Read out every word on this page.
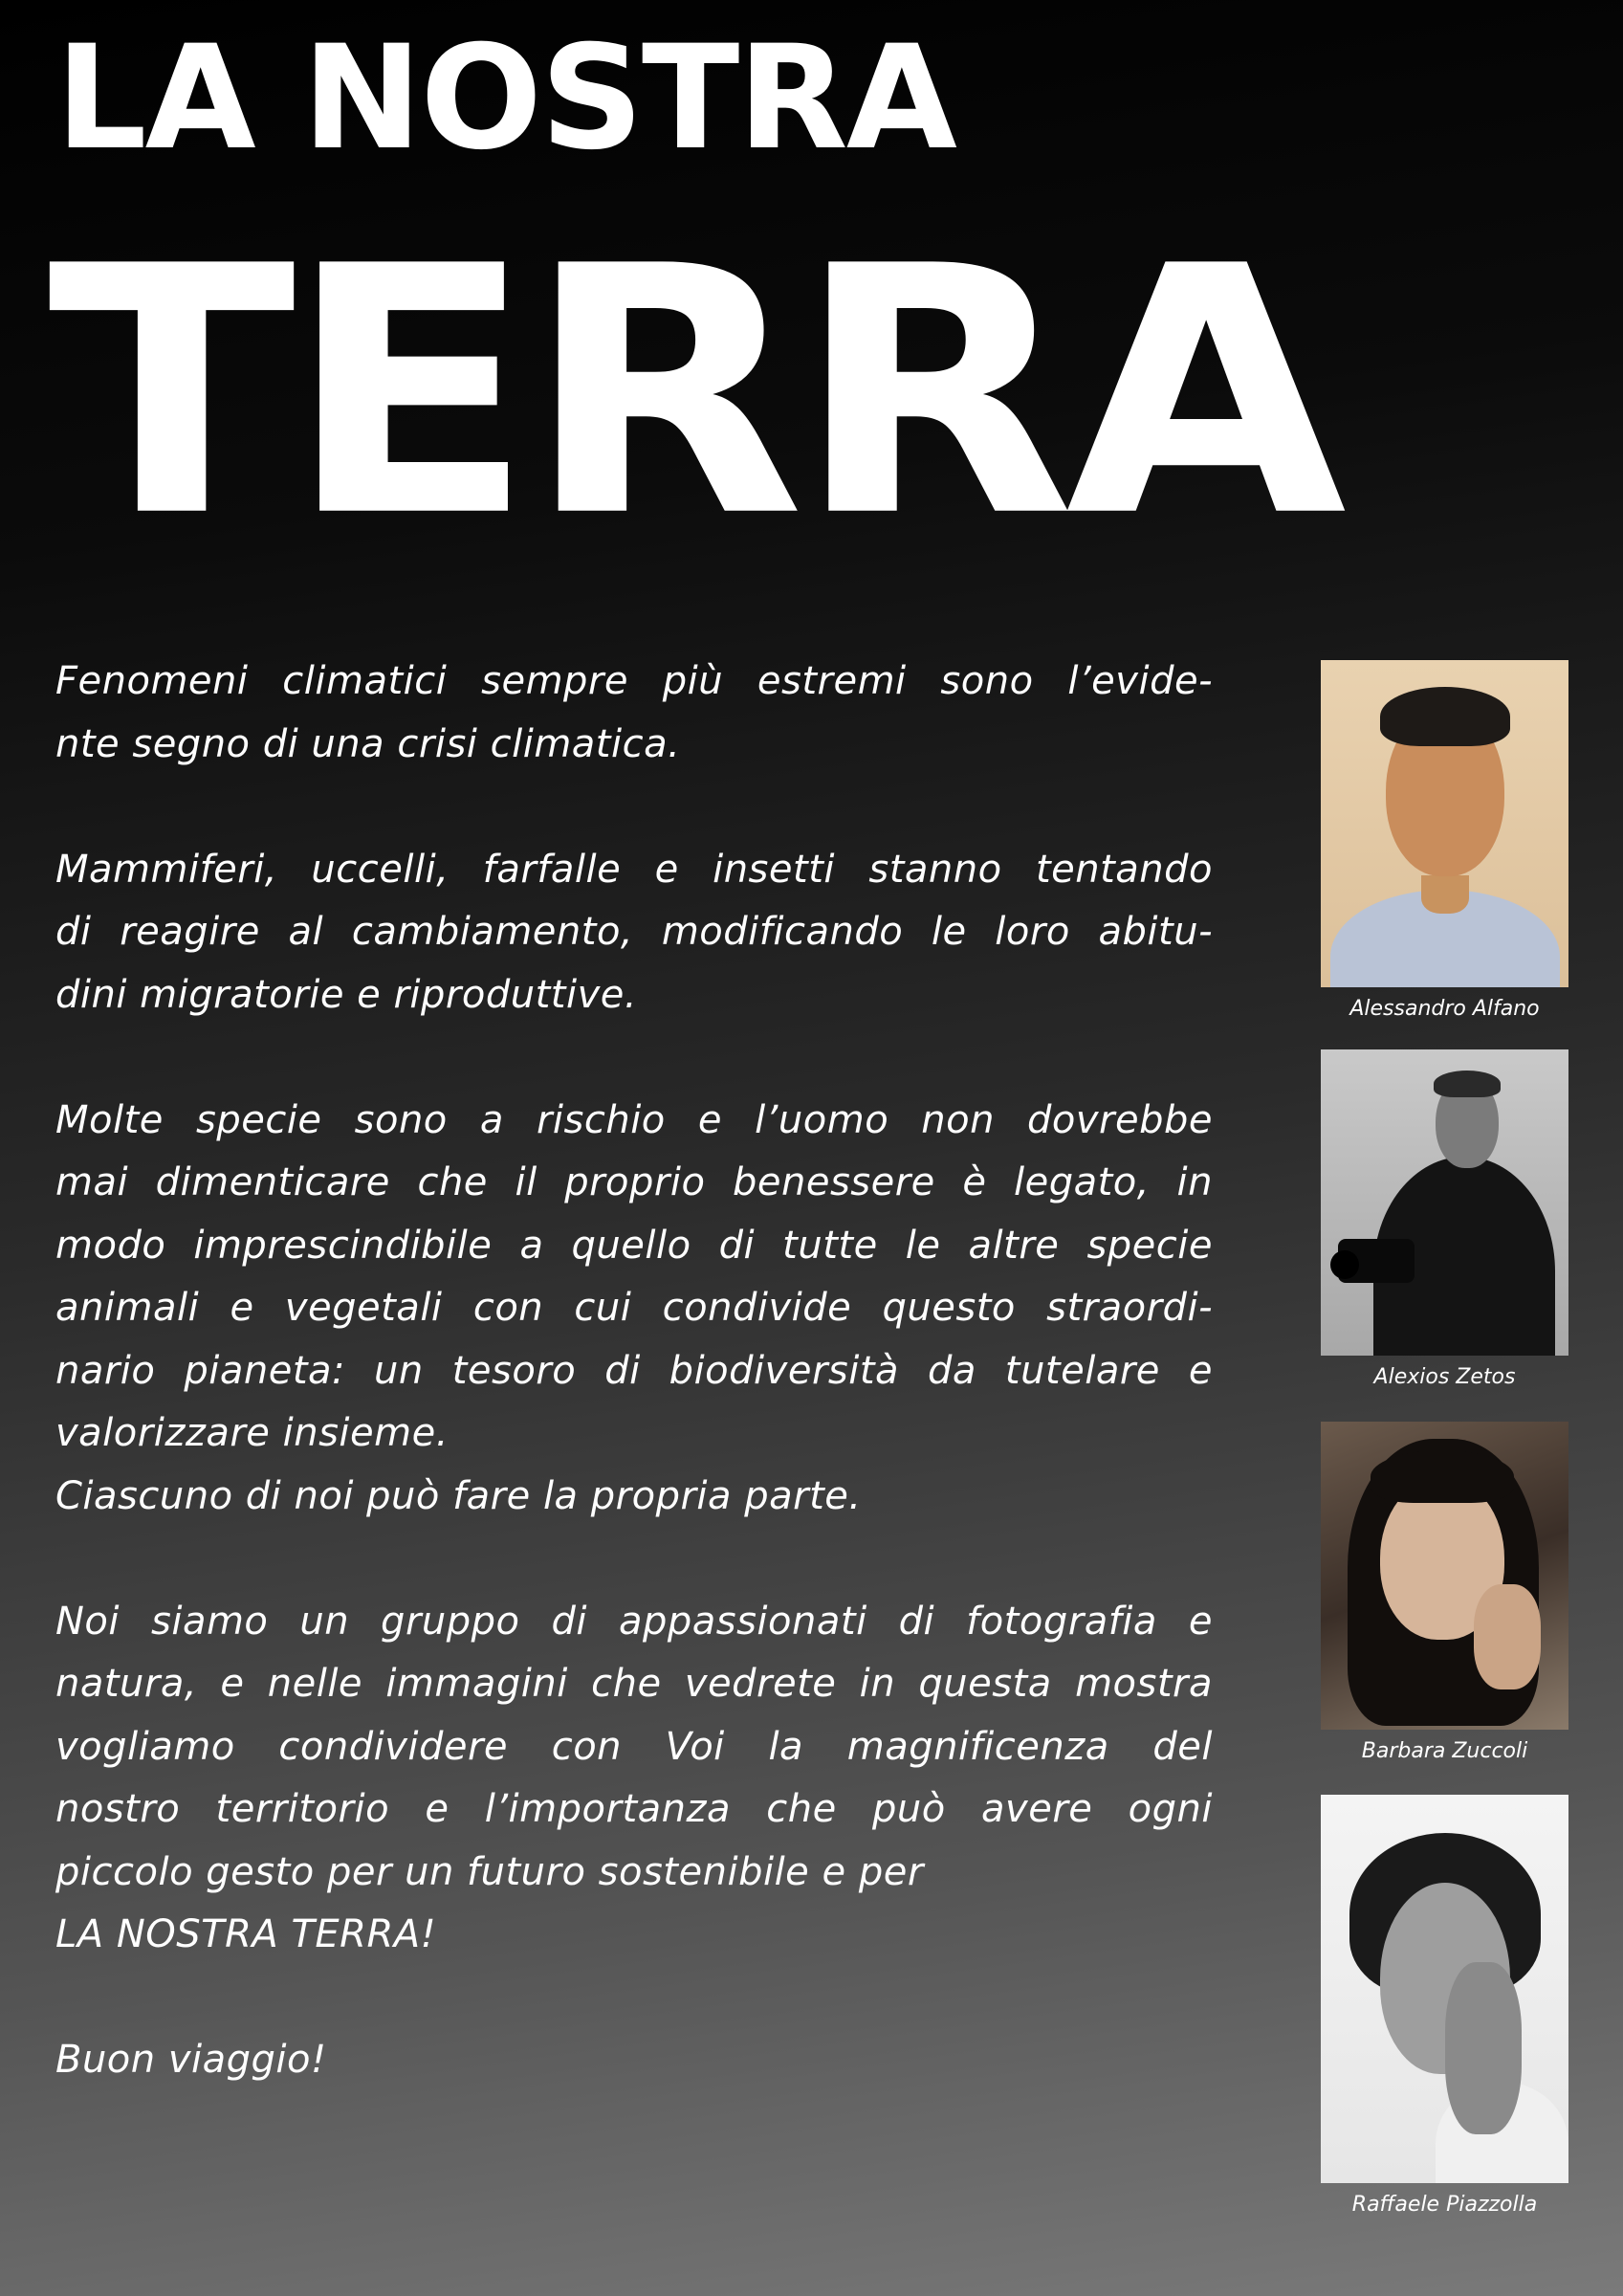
LA NOSTRA
TERRA
Fenomeni climatici sempre più estremi sono l’evide-
nte segno di una crisi climatica.
Mammiferi, uccelli, farfalle e insetti stanno tentando
di reagire al cambiamento, modificando le loro abitu-
dini migratorie e riproduttive.
Molte specie sono a rischio e l’uomo non dovrebbe
mai dimenticare che il proprio benessere è legato, in
modo imprescindibile a quello di tutte le altre specie
animali e vegetali con cui condivide questo straordi-
nario pianeta: un tesoro di biodiversità da tutelare e
valorizzare insieme.
Ciascuno di noi può fare la propria parte.
Noi siamo un gruppo di appassionati di fotografia e
natura, e nelle immagini che vedrete in questa mostra
vogliamo condividere con Voi la magnificenza del
nostro territorio e l’importanza che può avere ogni
piccolo gesto per un futuro sostenibile e per
LA NOSTRA TERRA!
Buon viaggio!
Alessandro Alfano
Alexios Zetos
Barbara Zuccoli
Raffaele Piazzolla
